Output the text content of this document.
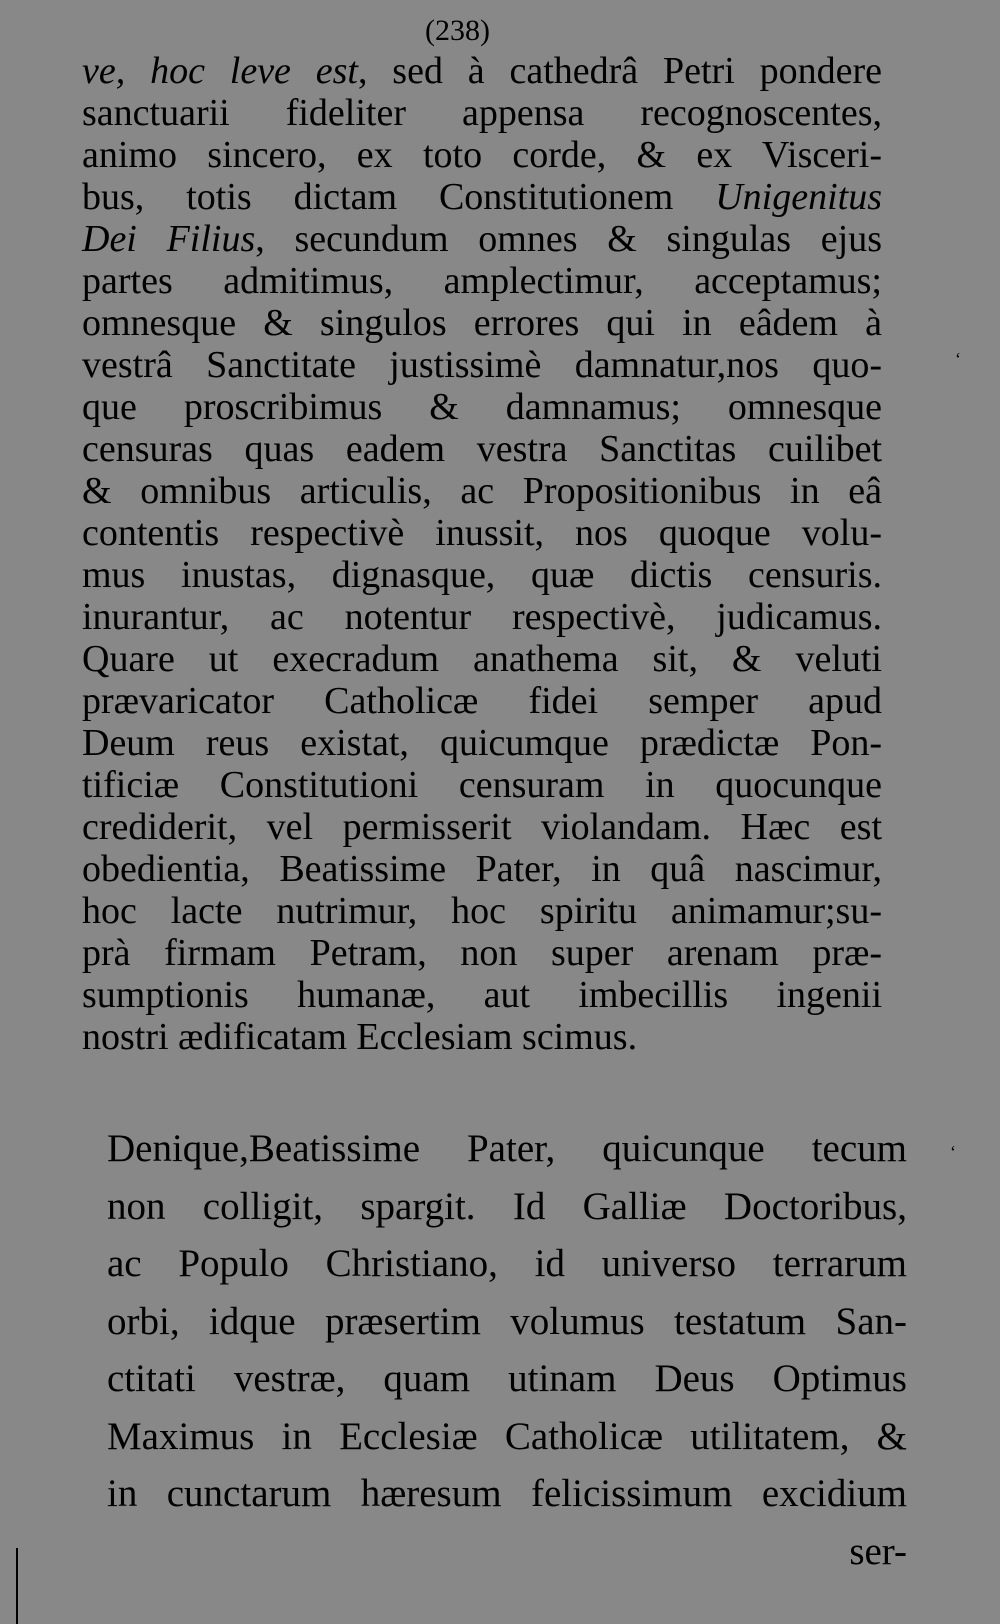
(238)
ve, hoc leve est, sed à cathedrâ Petri pondere
sanctuarii fideliter appensa recognoscentes,
animo sincero, ex toto corde, & ex Visceri-
bus, totis dictam Constitutionem Unigenitus
Dei Filius, secundum omnes & singulas ejus
partes admitimus, amplectimur, acceptamus;
omnesque & singulos errores qui in eâdem à
vestrâ Sanctitate justissimè damnatur,nos quo-
que proscribimus & damnamus; omnesque
censuras quas eadem vestra Sanctitas cuilibet
& omnibus articulis, ac Propositionibus in eâ
contentis respectivè inussit, nos quoque volu-
mus inustas, dignasque, quæ dictis censuris.
inurantur, ac notentur respectivè, judicamus.
Quare ut execradum anathema sit, & veluti
prævaricator Catholicæ fidei semper apud
Deum reus existat, quicumque prædictæ Pon-
tificiæ Constitutioni censuram in quocunque
crediderit, vel permisserit violandam. Hæc est
obedientia, Beatissime Pater, in quâ nascimur,
hoc lacte nutrimur, hoc spiritu animamur;su-
prà firmam Petram, non super arenam præ-
sumptionis humanæ, aut imbecillis ingenii
nostri ædificatam Ecclesiam scimus.
Denique,Beatissime Pater, quicunque tecum
non colligit, spargit. Id Galliæ Doctoribus,
ac Populo Christiano, id universo terrarum
orbi, idque præsertim volumus testatum San-
ctitati vestræ, quam utinam Deus Optimus
Maximus in Ecclesiæ Catholicæ utilitatem, &
in cunctarum hæresum felicissimum excidium
ser-
ʻ
ʻ
